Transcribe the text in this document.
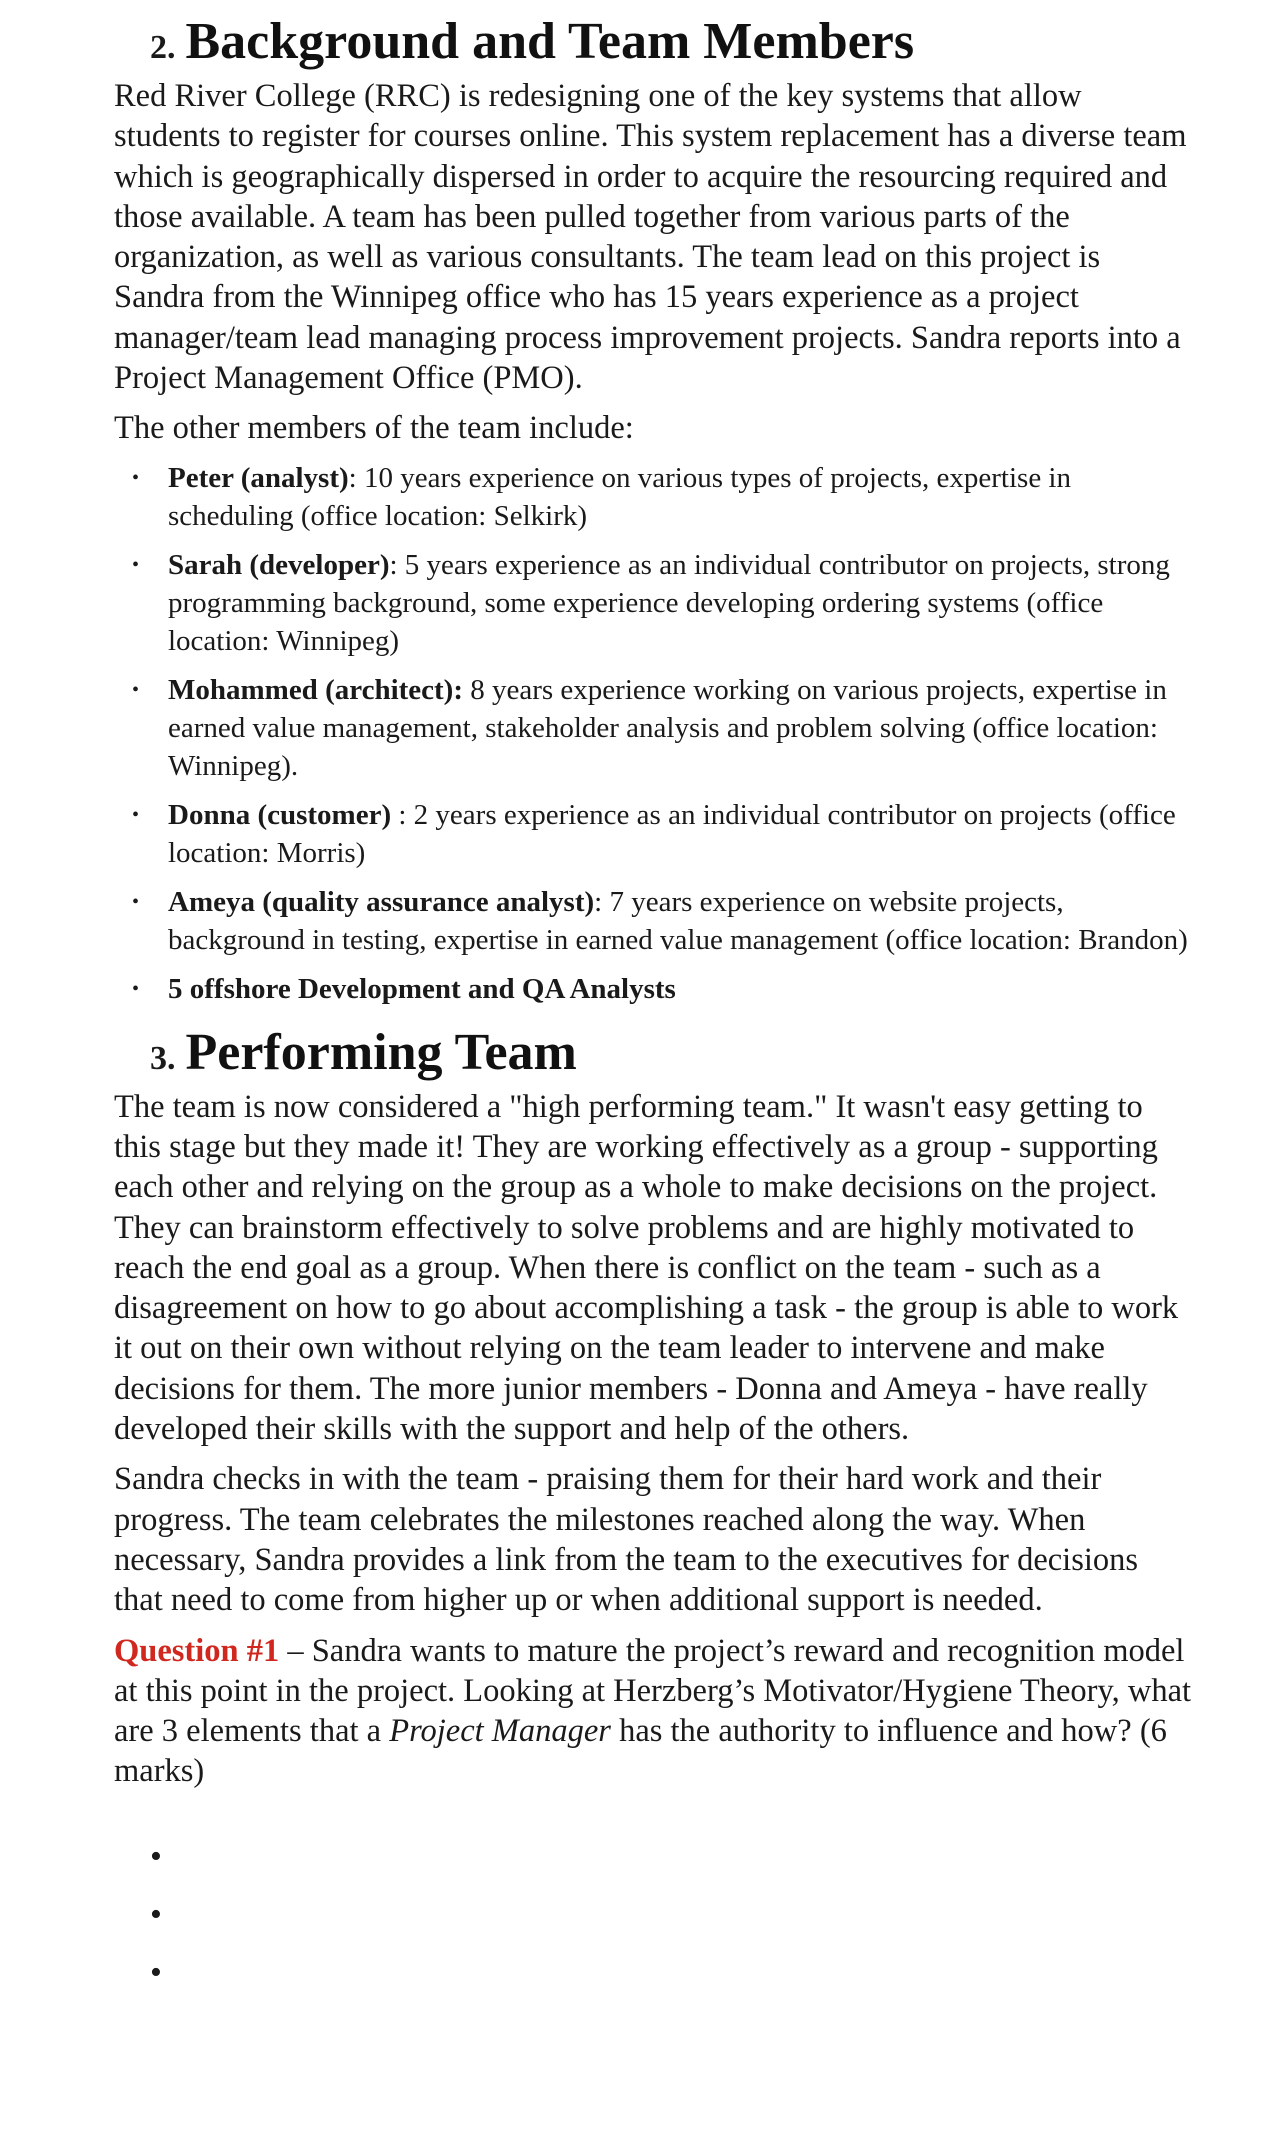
2. Background and Team Members

Red River College (RRC) is redesigning one of the key systems that allow students to register for courses online. This system replacement has a diverse team which is geographically dispersed in order to acquire the resourcing required and those available. A team has been pulled together from various parts of the organization, as well as various consultants. The team lead on this project is Sandra from the Winnipeg office who has 15 years experience as a project manager/team lead managing process improvement projects. Sandra reports into a Project Management Office (PMO).

The other members of the team include:

• Peter (analyst): 10 years experience on various types of projects, expertise in scheduling (office location: Selkirk)
• Sarah (developer): 5 years experience as an individual contributor on projects, strong programming background, some experience developing ordering systems (office location: Winnipeg)
• Mohammed (architect): 8 years experience working on various projects, expertise in earned value management, stakeholder analysis and problem solving (office location: Winnipeg).
• Donna (customer) : 2 years experience as an individual contributor on projects (office location: Morris)
• Ameya (quality assurance analyst): 7 years experience on website projects, background in testing, expertise in earned value management (office location: Brandon)
• 5 offshore Development and QA Analysts
3. Performing Team

The team is now considered a "high performing team." It wasn't easy getting to this stage but they made it! They are working effectively as a group - supporting each other and relying on the group as a whole to make decisions on the project. They can brainstorm effectively to solve problems and are highly motivated to reach the end goal as a group. When there is conflict on the team - such as a disagreement on how to go about accomplishing a task - the group is able to work it out on their own without relying on the team leader to intervene and make decisions for them. The more junior members - Donna and Ameya - have really developed their skills with the support and help of the others.

Sandra checks in with the team - praising them for their hard work and their progress. The team celebrates the milestones reached along the way. When necessary, Sandra provides a link from the team to the executives for decisions that need to come from higher up or when additional support is needed.

Question #1 – Sandra wants to mature the project’s reward and recognition model at this point in the project. Looking at Herzberg’s Motivator/Hygiene Theory, what are 3 elements that a Project Manager has the authority to influence and how? (6 marks)

•
•
•
